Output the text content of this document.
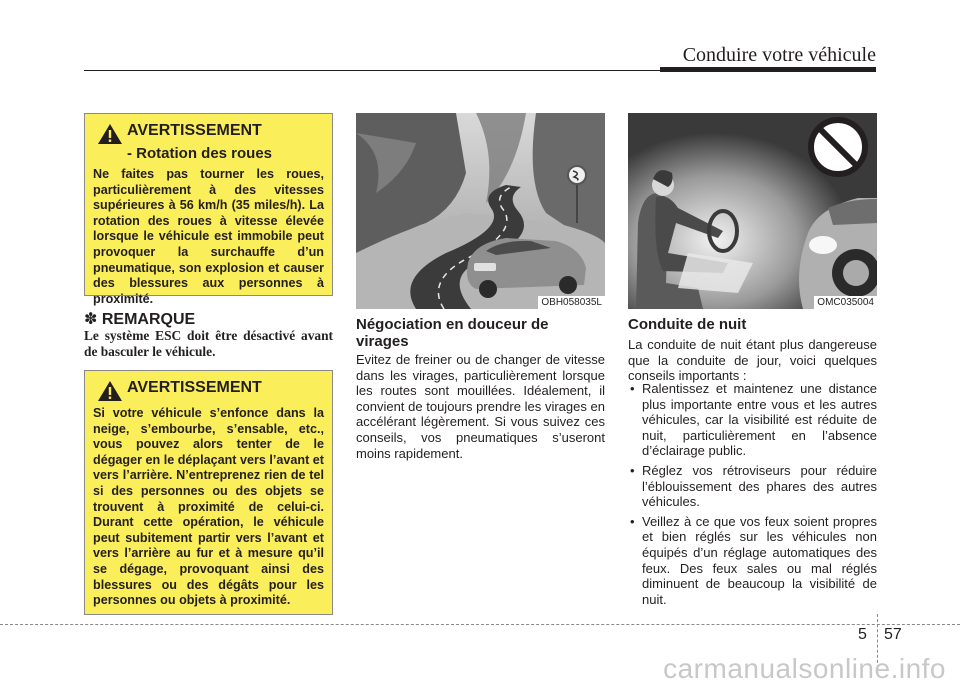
Conduire votre véhicule
AVERTISSEMENT
- Rotation des roues
Ne faites pas tourner les roues, particulièrement à des vitesses supérieures à 56 km/h (35 miles/h). La rotation des roues à vitesse élevée lorsque le véhicule est immobile peut provoquer la surchauffe d’un pneumatique, son explosion et causer des blessures aux personnes à proximité.
✽ REMARQUE
Le système ESC doit être désactivé avant de basculer le véhicule.
AVERTISSEMENT
Si votre véhicule s’enfonce dans la neige, s’embourbe, s’ensable, etc., vous pouvez alors tenter de le dégager en le déplaçant vers l’avant et vers l’arrière. N’entreprenez rien de tel si des personnes ou des objets se trouvent à proximité de celui-ci. Durant cette opération, le véhicule peut subitement partir vers l’avant et vers l’arrière au fur et à mesure qu’il se dégage, provoquant ainsi des blessures ou des dégâts pour les personnes ou objets à proximité.
OBH058035L	OMC035004
Négociation en douceur de virages
Evitez de freiner ou de changer de vitesse dans les virages, particulièrement lorsque les routes sont mouillées. Idéalement, il convient de toujours prendre les virages en accélérant légèrement. Si vous suivez ces conseils, vos pneumatiques s’useront moins rapidement.
Conduite de nuit
La conduite de nuit étant plus dangereuse que la conduite de jour, voici quelques conseils importants :
• Ralentissez et maintenez une distance plus importante entre vous et les autres véhicules, car la visibilité est réduite de nuit, particulièrement en l’absence d’éclairage public.
• Réglez vos rétroviseurs pour réduire l’éblouissement des phares des autres véhicules.
• Veillez à ce que vos feux soient propres et bien réglés sur les véhicules non équipés d’un réglage automatiques des feux. Des feux sales ou mal réglés diminuent de beaucoup la visibilité de nuit.
5 57
carmanualsonline.info
